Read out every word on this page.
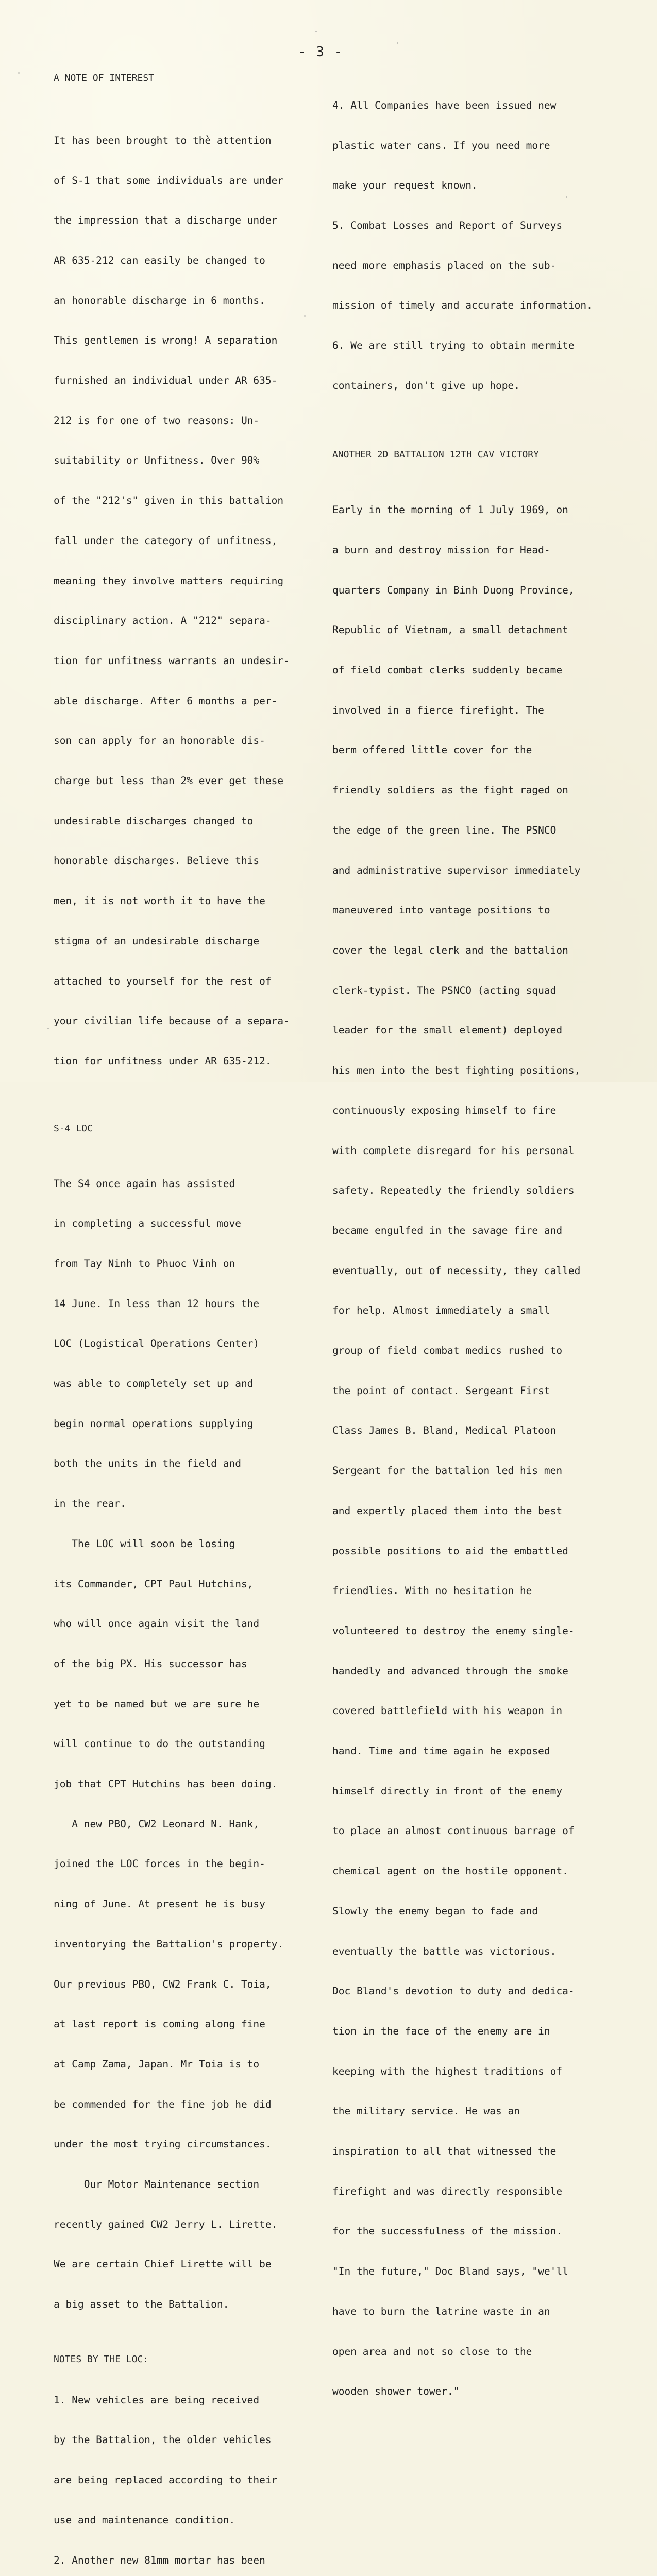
- 3 -
A NOTE OF INTEREST

It has been brought to thè attention

of S-1 that some individuals are under

the impression that a discharge under

AR 635-212 can easily be changed to

an honorable discharge in 6 months.

This gentlemen is wrong! A separation

furnished an individual under AR 635-

212 is for one of two reasons: Un-

suitability or Unfitness. Over 90%

of the "212's" given in this battalion

fall under the category of unfitness,

meaning they involve matters requiring

disciplinary action. A "212" separa-

tion for unfitness warrants an undesir-

able discharge. After 6 months a per-

son can apply for an honorable dis-

charge but less than 2% ever get these

undesirable discharges changed to

honorable discharges. Believe this

men, it is not worth it to have the

stigma of an undesirable discharge

attached to yourself for the rest of

your civilian life because of a separa-

tion for unfitness under AR 635-212.

S-4 LOC

The S4 once again has assisted

in completing a successful move

from Tay Ninh to Phuoc Vinh on

14 June. In less than 12 hours the

LOC (Logistical Operations Center)

was able to completely set up and

begin normal operations supplying

both the units in the field and

in the rear.

The LOC will soon be losing

its Commander, CPT Paul Hutchins,

who will once again visit the land

of the big PX. His successor has

yet to be named but we are sure he

will continue to do the outstanding

job that CPT Hutchins has been doing.

A new PBO, CW2 Leonard N. Hank,

joined the LOC forces in the begin-

ning of June. At present he is busy

inventorying the Battalion's property.

Our previous PBO, CW2 Frank C. Toia,

at last report is coming along fine

at Camp Zama, Japan. Mr Toia is to

be commended for the fine job he did

under the most trying circumstances.

Our Motor Maintenance section

recently gained CW2 Jerry L. Lirette.

We are certain Chief Lirette will be

a big asset to the Battalion.

NOTES BY THE LOC:

1. New vehicles are being received

by the Battalion, the older vehicles

are being replaced according to their

use and maintenance condition.

2. Another new 81mm mortar has been

4. All Companies have been issued new

plastic water cans. If you need more

make your request known.

5. Combat Losses and Report of Surveys

need more emphasis placed on the sub-

mission of timely and accurate information.

6. We are still trying to obtain mermite

containers, don't give up hope.

ANOTHER 2D BATTALION 12TH CAV VICTORY

Early in the morning of 1 July 1969, on

a burn and destroy mission for Head-

quarters Company in Binh Duong Province,

Republic of Vietnam, a small detachment

of field combat clerks suddenly became

involved in a fierce firefight. The

berm offered little cover for the

friendly soldiers as the fight raged on

the edge of the green line. The PSNCO

and administrative supervisor immediately

maneuvered into vantage positions to

cover the legal clerk and the battalion

clerk-typist. The PSNCO (acting squad

leader for the small element) deployed

his men into the best fighting positions,

continuously exposing himself to fire

with complete disregard for his personal

safety. Repeatedly the friendly soldiers

became engulfed in the savage fire and

eventually, out of necessity, they called

for help. Almost immediately a small

group of field combat medics rushed to

the point of contact. Sergeant First

Class James B. Bland, Medical Platoon

Sergeant for the battalion led his men

and expertly placed them into the best

possible positions to aid the embattled

friendlies. With no hesitation he

volunteered to destroy the enemy single-

handedly and advanced through the smoke

covered battlefield with his weapon in

hand. Time and time again he exposed

himself directly in front of the enemy

to place an almost continuous barrage of

chemical agent on the hostile opponent.

Slowly the enemy began to fade and

eventually the battle was victorious.

Doc Bland's devotion to duty and dedica-

tion in the face of the enemy are in

keeping with the highest traditions of

the military service. He was an

inspiration to all that witnessed the

firefight and was directly responsible

for the successfulness of the mission.

"In the future," Doc Bland says, "we'll

have to burn the latrine waste in an

open area and not so close to the

wooden shower tower."
